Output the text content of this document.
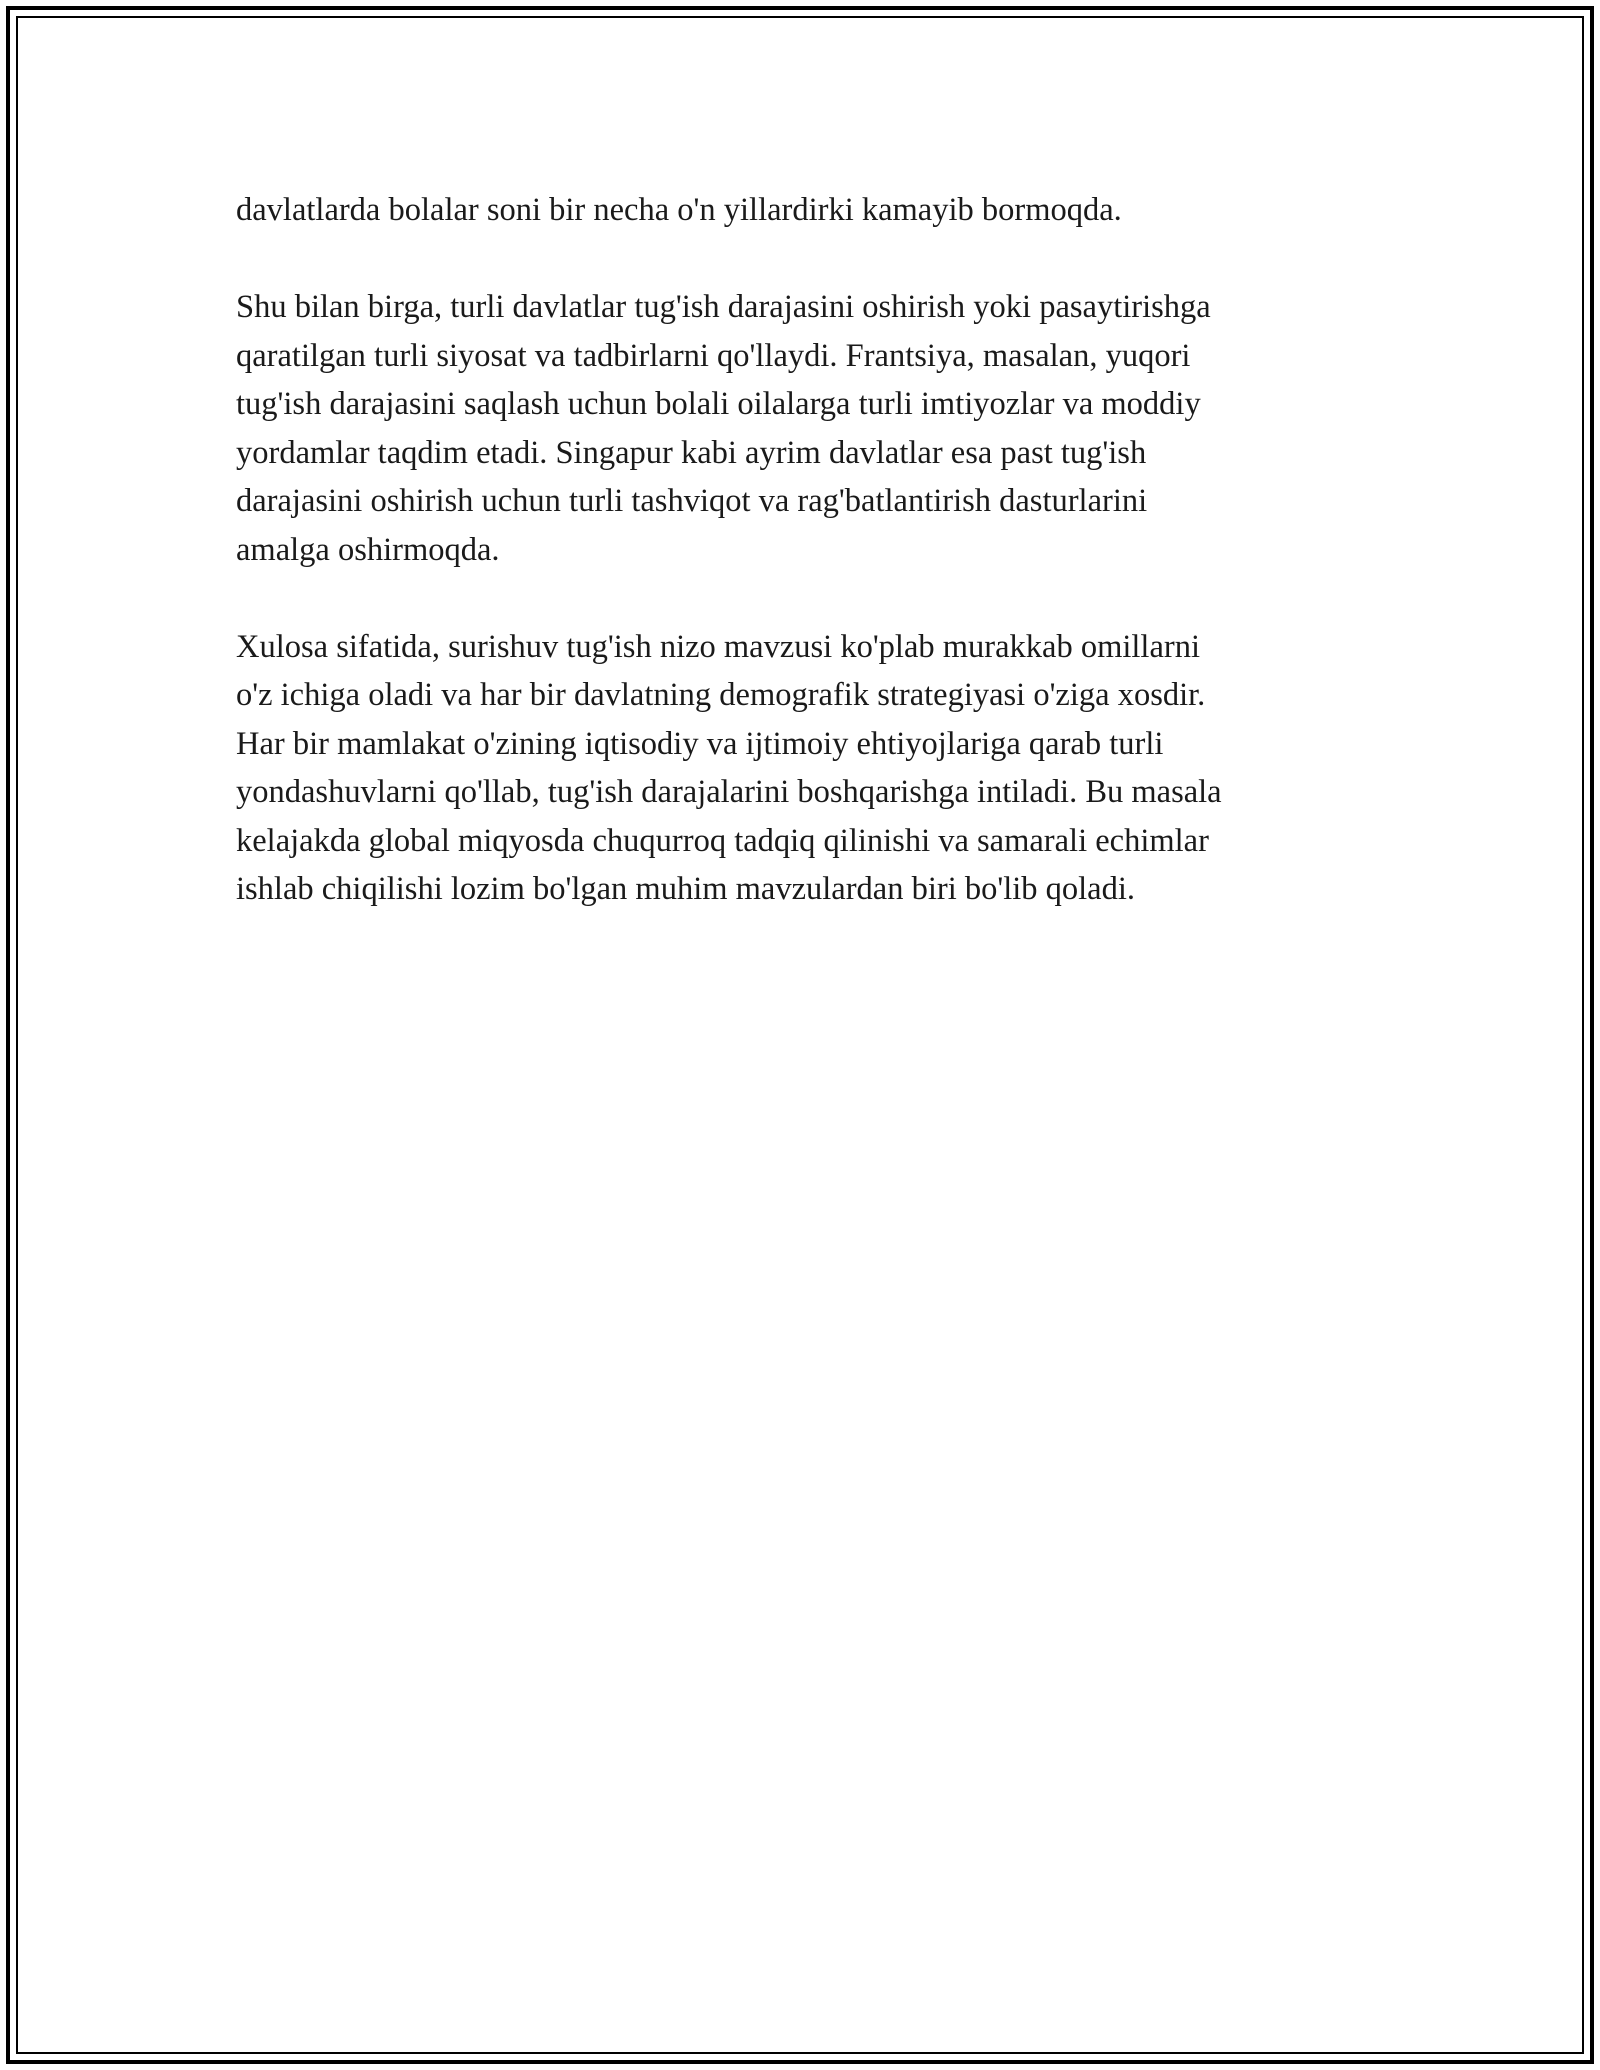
davlatlarda bolalar soni bir necha o'n yillardirki kamayib bormoqda.
Shu bilan birga, turli davlatlar tug'ish darajasini oshirish yoki pasaytirishga
qaratilgan turli siyosat va tadbirlarni qo'llaydi. Frantsiya, masalan, yuqori
tug'ish darajasini saqlash uchun bolali oilalarga turli imtiyozlar va moddiy
yordamlar taqdim etadi. Singapur kabi ayrim davlatlar esa past tug'ish
darajasini oshirish uchun turli tashviqot va rag'batlantirish dasturlarini
amalga oshirmoqda.
Xulosa sifatida, surishuv tug'ish nizo mavzusi ko'plab murakkab omillarni
o'z ichiga oladi va har bir davlatning demografik strategiyasi o'ziga xosdir.
Har bir mamlakat o'zining iqtisodiy va ijtimoiy ehtiyojlariga qarab turli
yondashuvlarni qo'llab, tug'ish darajalarini boshqarishga intiladi. Bu masala
kelajakda global miqyosda chuqurroq tadqiq qilinishi va samarali echimlar
ishlab chiqilishi lozim bo'lgan muhim mavzulardan biri bo'lib qoladi.
